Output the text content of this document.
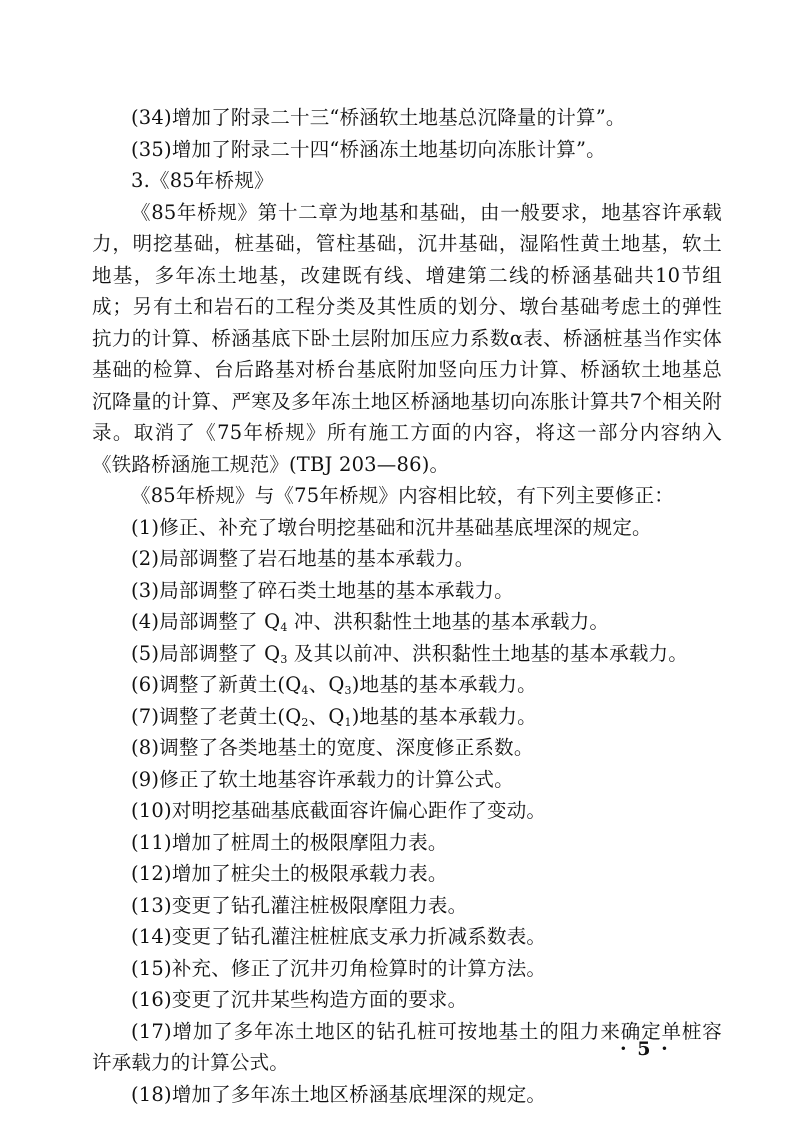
(34)增加了附录二十三“桥涵软土地基总沉降量的计算”。

(35)增加了附录二十四“桥涵冻土地基切向冻胀计算”。

3.《85年桥规》

《85年桥规》第十二章为地基和基础，由一般要求，地基容许承载力，明挖基础，桩基础，管柱基础，沉井基础，湿陷性黄土地基，软土地基，多年冻土地基，改建既有线、增建第二线的桥涵基础共10节组成；另有土和岩石的工程分类及其性质的划分、墩台基础考虑土的弹性抗力的计算、桥涵基底下卧土层附加压应力系数α表、桥涵桩基当作实体基础的检算、台后路基对桥台基底附加竖向压力计算、桥涵软土地基总沉降量的计算、严寒及多年冻土地区桥涵地基切向冻胀计算共7个相关附录。取消了《75年桥规》所有施工方面的内容，将这一部分内容纳入《铁路桥涵施工规范》(TBJ 203—86)。

《85年桥规》与《75年桥规》内容相比较，有下列主要修正：

(1)修正、补充了墩台明挖基础和沉井基础基底埋深的规定。

(2)局部调整了岩石地基的基本承载力。

(3)局部调整了碎石类土地基的基本承载力。

(4)局部调整了 $Q_4$ 冲、洪积黏性土地基的基本承载力。

(5)局部调整了 $Q_3$ 及其以前冲、洪积黏性土地基的基本承载力。

(6)调整了新黄土($Q_4$、$Q_3$)地基的基本承载力。

(7)调整了老黄土($Q_2$、$Q_1$)地基的基本承载力。

(8)调整了各类地基土的宽度、深度修正系数。

(9)修正了软土地基容许承载力的计算公式。

(10)对明挖基础基底截面容许偏心距作了变动。

(11)增加了桩周土的极限摩阻力表。

(12)增加了桩尖土的极限承载力表。

(13)变更了钻孔灌注桩极限摩阻力表。

(14)变更了钻孔灌注桩桩底支承力折减系数表。

(15)补充、修正了沉井刃角检算时的计算方法。

(16)变更了沉井某些构造方面的要求。

(17)增加了多年冻土地区的钻孔桩可按地基土的阻力来确定单桩容许承载力的计算公式。

(18)增加了多年冻土地区桥涵基底埋深的规定。

· 5 ·
